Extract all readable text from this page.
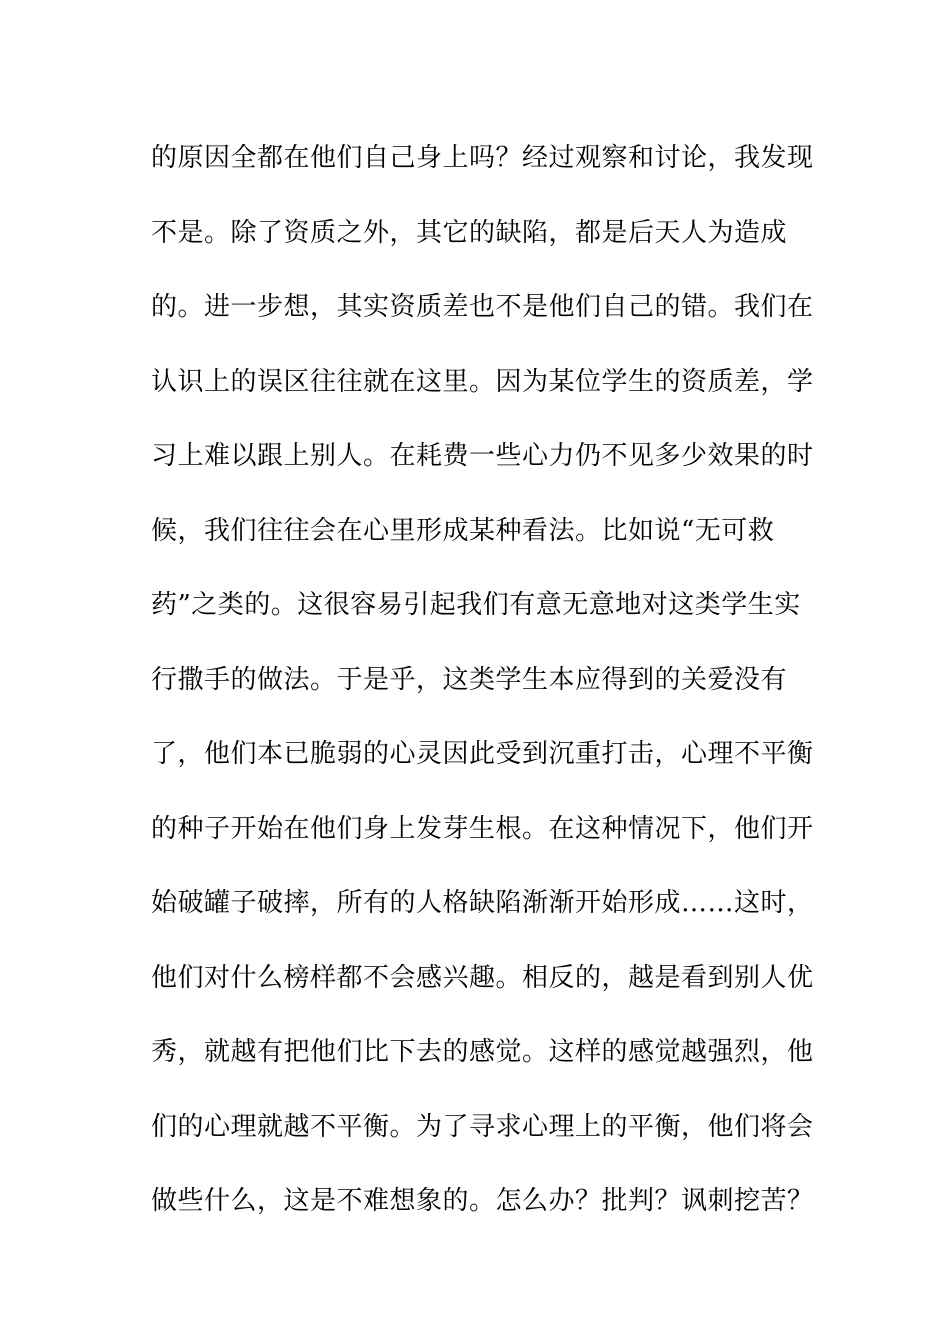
的原因全都在他们自己身上吗？经过观察和讨论，我发现
不是。除了资质之外，其它的缺陷，都是后天人为造成
的。进一步想，其实资质差也不是他们自己的错。我们在
认识上的误区往往就在这里。因为某位学生的资质差，学
习上难以跟上别人。在耗费一些心力仍不见多少效果的时
候，我们往往会在心里形成某种看法。比如说“无可救
药”之类的。这很容易引起我们有意无意地对这类学生实
行撒手的做法。于是乎，这类学生本应得到的关爱没有
了，他们本已脆弱的心灵因此受到沉重打击，心理不平衡
的种子开始在他们身上发芽生根。在这种情况下，他们开
始破罐子破摔，所有的人格缺陷渐渐开始形成……这时，
他们对什么榜样都不会感兴趣。相反的，越是看到别人优
秀，就越有把他们比下去的感觉。这样的感觉越强烈，他
们的心理就越不平衡。为了寻求心理上的平衡，他们将会
做些什么，这是不难想象的。怎么办？批判？讽刺挖苦？
